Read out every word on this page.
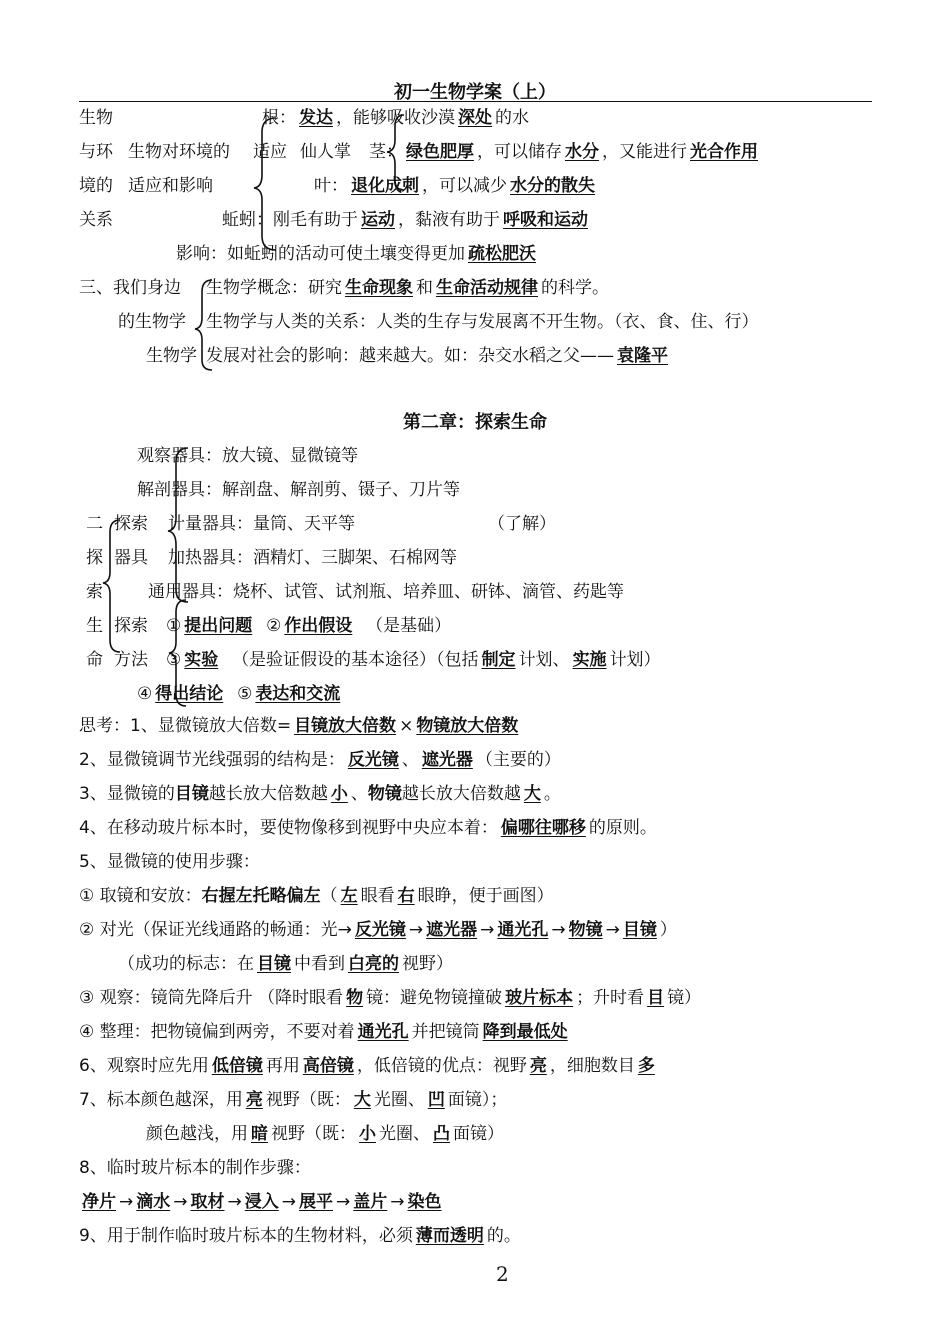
初一生物学案（上）
生物
与环
境的
关系
生物对环境的
适应和影响
适应 仙人掌
根： 发达 ，能够吸收沙漠 深处 的水
茎： 绿色肥厚 ，可以储存 水分 ，又能进行 光合作用
叶： 退化成刺 ，可以减少 水分的散失
蚯蚓：刚毛有助于 运动 ，黏液有助于 呼吸和运动
影响：如蚯蚓的活动可使土壤变得更加 疏松肥沃
三、我们身边
的生物学
生物学
生物学概念：研究 生命现象 和 生命活动规律 的科学。
生物学与人类的关系：人类的生存与发展离不开生物。（衣、食、住、行）
发展对社会的影响：越来越大。如：杂交水稻之父—— 袁隆平
第二章：探索生命
二
探
索
生
命
探索
器具
探索
方法
观察器具：放大镜、显微镜等
解剖器具：解剖盘、解剖剪、镊子、刀片等
计量器具：量筒、天平等	（了解）
加热器具：酒精灯、三脚架、石棉网等
通用器具：烧杯、试管、试剂瓶、培养皿、研钵、滴管、药匙等
① 提出问题 ② 作出假设 （是基础）
③ 实验 （是验证假设的基本途径）（包括 制定 计划、 实施 计划）
④ 得出结论 ⑤ 表达和交流
思考：1、显微镜放大倍数= 目镜放大倍数 × 物镜放大倍数
2、显微镜调节光线强弱的结构是： 反光镜 、 遮光器 （主要的）
3、显微镜的目镜越长放大倍数越 小 、物镜越长放大倍数越 大 。
4、在移动玻片标本时，要使物像移到视野中央应本着： 偏哪往哪移 的原则。
5、显微镜的使用步骤：
① 取镜和安放：右握左托略偏左（ 左 眼看 右 眼睁，便于画图）
② 对光（保证光线通路的畅通：光→ 反光镜 → 遮光器 → 通光孔 → 物镜 → 目镜 ）
（成功的标志：在 目镜 中看到 白亮的 视野）
③ 观察：镜筒先降后升 （降时眼看 物 镜：避免物镜撞破 玻片标本 ；升时看 目 镜）
④ 整理：把物镜偏到两旁，不要对着 通光孔 并把镜筒 降到最低处
6、观察时应先用 低倍镜 再用 高倍镜 ，低倍镜的优点：视野 亮 ，细胞数目 多
7、标本颜色越深，用 亮 视野（既： 大 光圈、 凹 面镜）；
颜色越浅，用 暗 视野（既： 小 光圈、 凸 面镜）
8、临时玻片标本的制作步骤：
净片 → 滴水 → 取材 → 浸入 → 展平 → 盖片 → 染色
9、用于制作临时玻片标本的生物材料，必须 薄而透明 的。
2
